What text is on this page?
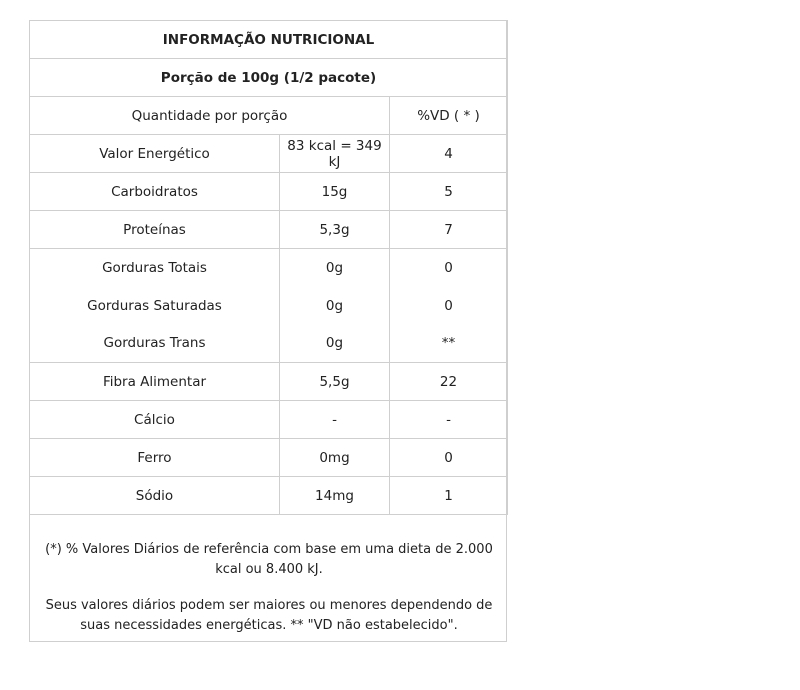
INFORMAÇÃO NUTRICIONAL		
Porção de 100g (1/2 pacote)		
Quantidade por porção		%VD ( * )
Valor Energético	83 kcal = 349 kJ	4
Carboidratos	15g	5
Proteínas	5,3g	7
Gorduras Totais	0g	0
Gorduras Saturadas	0g	0
Gorduras Trans	0g	**
Fibra Alimentar	5,5g	22
Cálcio	-	-
Ferro	0mg	0
Sódio	14mg	1

(*) % Valores Diários de referência com base em uma dieta de 2.000 kcal ou 8.400 kJ.

Seus valores diários podem ser maiores ou menores dependendo de suas necessidades energéticas. ** "VD não estabelecido".
